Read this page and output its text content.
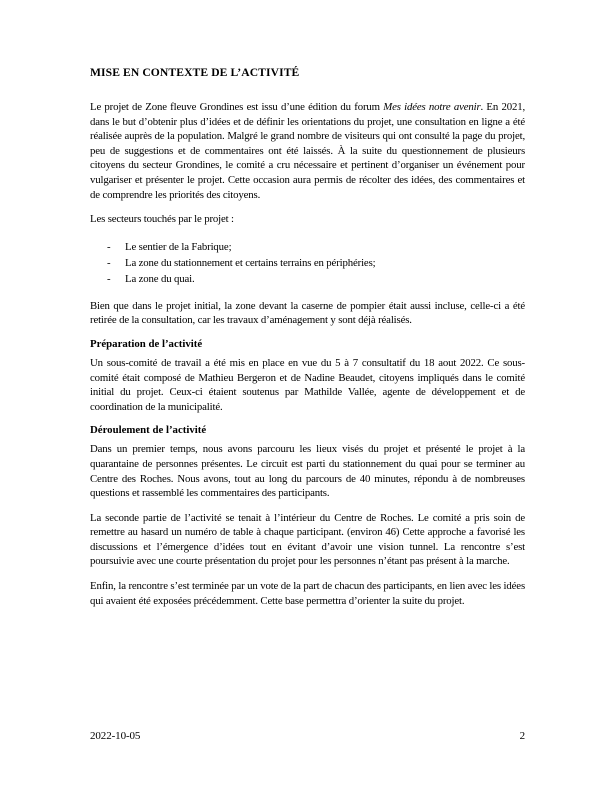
MISE EN CONTEXTE DE L’ACTIVITÉ

Le projet de Zone fleuve Grondines est issu d’une édition du forum Mes idées notre avenir. En 2021, dans le but d’obtenir plus d’idées et de définir les orientations du projet, une consultation en ligne a été réalisée auprès de la population. Malgré le grand nombre de visiteurs qui ont consulté la page du projet, peu de suggestions et de commentaires ont été laissés. À la suite du questionnement de plusieurs citoyens du secteur Grondines, le comité a cru nécessaire et pertinent d’organiser un événement pour vulgariser et présenter le projet. Cette occasion aura permis de récolter des idées, des commentaires et de comprendre les priorités des citoyens.

Les secteurs touchés par le projet :

-	Le sentier de la Fabrique;
-	La zone du stationnement et certains terrains en périphéries;
-	La zone du quai.

Bien que dans le projet initial, la zone devant la caserne de pompier était aussi incluse, celle-ci a été retirée de la consultation, car les travaux d’aménagement y sont déjà réalisés.

Préparation de l’activité

Un sous-comité de travail a été mis en place en vue du 5 à 7 consultatif du 18 aout 2022. Ce sous-comité était composé de Mathieu Bergeron et de Nadine Beaudet, citoyens impliqués dans le comité initial du projet. Ceux-ci étaient soutenus par Mathilde Vallée, agente de développement et de coordination de la municipalité.

Déroulement de l’activité

Dans un premier temps, nous avons parcouru les lieux visés du projet et présenté le projet à la quarantaine de personnes présentes. Le circuit est parti du stationnement du quai pour se terminer au Centre des Roches. Nous avons, tout au long du parcours de 40 minutes, répondu à de nombreuses questions et rassemblé les commentaires des participants.

La seconde partie de l’activité se tenait à l’intérieur du Centre de Roches. Le comité a pris soin de remettre au hasard un numéro de table à chaque participant. (environ 46) Cette approche a favorisé les discussions et l’émergence d’idées tout en évitant d’avoir une vision tunnel. La rencontre s’est poursuivie avec une courte présentation du projet pour les personnes n’étant pas présent à la marche.

Enfin, la rencontre s’est terminée par un vote de la part de chacun des participants, en lien avec les idées qui avaient été exposées précédemment. Cette base permettra d’orienter la suite du projet.

2022-10-05	2
